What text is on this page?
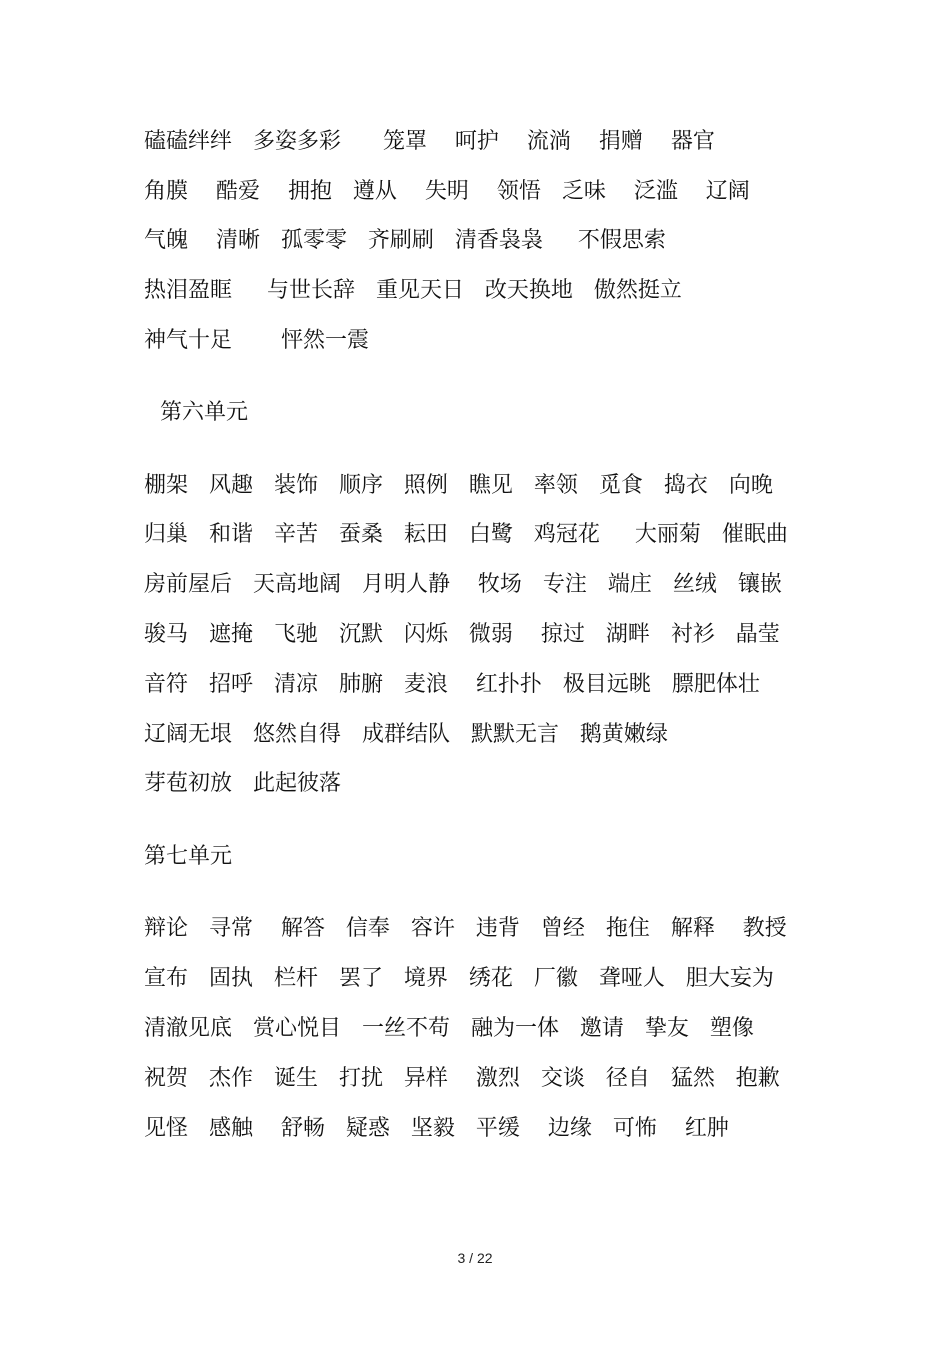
磕磕绊绊   多姿多彩      笼罩    呵护    流淌    捐赠    器官
角膜    酷爱    拥抱   遵从    失明    领悟   乏味    泛滥    辽阔
气魄    清晰   孤零零   齐刷刷   清香袅袅     不假思索
热泪盈眶     与世长辞   重见天日   改天换地   傲然挺立
神气十足       怦然一震
第六单元
棚架   风趣   装饰   顺序   照例   瞧见   率领   觅食   捣衣   向晚
归巢   和谐   辛苦   蚕桑   耘田   白鹭   鸡冠花     大丽菊   催眠曲
房前屋后   天高地阔   月明人静    牧场   专注   端庄   丝绒   镶嵌
骏马   遮掩   飞驰   沉默   闪烁   微弱    掠过   湖畔   衬衫   晶莹
音符   招呼   清凉   肺腑   麦浪    红扑扑   极目远眺   膘肥体壮
辽阔无垠   悠然自得   成群结队   默默无言   鹅黄嫩绿
芽苞初放   此起彼落
第七单元
辩论   寻常    解答   信奉   容许   违背   曾经   拖住   解释    教授
宣布   固执   栏杆   罢了   境界   绣花   厂徽   聋哑人   胆大妄为
清澈见底   赏心悦目   一丝不苟   融为一体   邀请   挚友   塑像
祝贺   杰作   诞生   打扰   异样    激烈   交谈   径自   猛然   抱歉
见怪   感触    舒畅   疑惑   坚毅   平缓    边缘   可怖    红肿
3 / 22
